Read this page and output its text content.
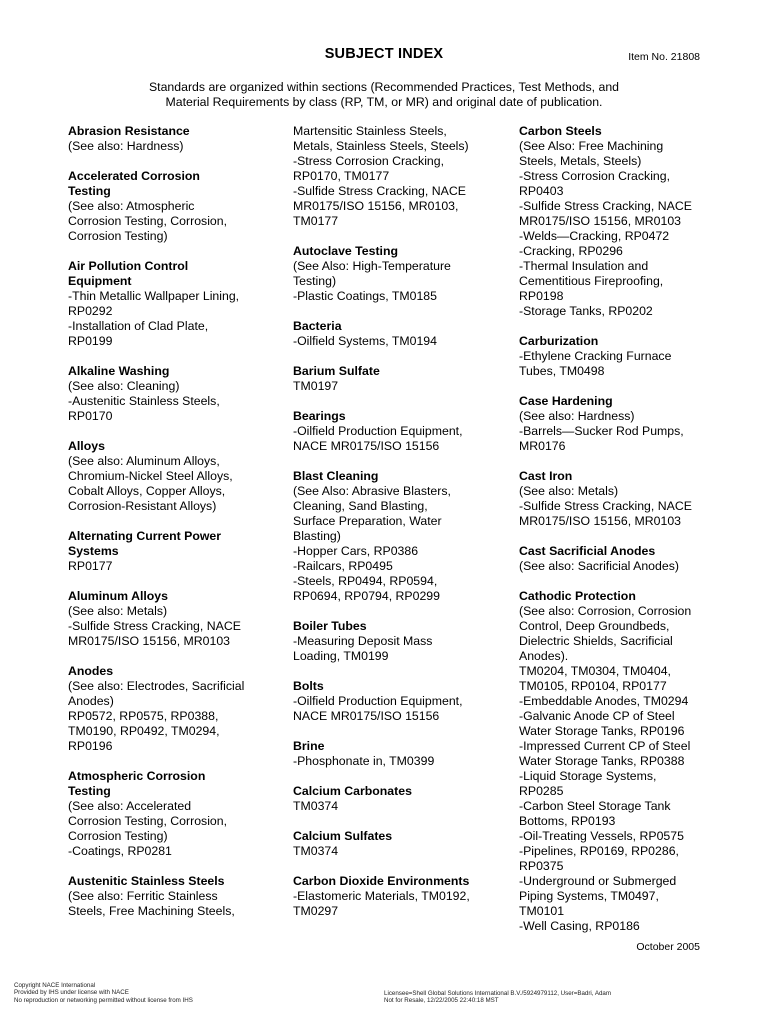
SUBJECT INDEX	Item No. 21808
Standards are organized within sections (Recommended Practices, Test Methods, and
Material Requirements by class (RP, TM, or MR) and original date of publication.
Abrasion Resistance
(See also: Hardness)
Accelerated Corrosion
Testing
(See also: Atmospheric
Corrosion Testing, Corrosion,
Corrosion Testing)
Air Pollution Control
Equipment
-Thin Metallic Wallpaper Lining,
RP0292
-Installation of Clad Plate,
RP0199
Alkaline Washing
(See also: Cleaning)
-Austenitic Stainless Steels,
RP0170
Alloys
(See also: Aluminum Alloys,
Chromium-Nickel Steel Alloys,
Cobalt Alloys, Copper Alloys,
Corrosion-Resistant Alloys)
Alternating Current Power
Systems
RP0177
Aluminum Alloys
(See also: Metals)
-Sulfide Stress Cracking, NACE
MR0175/ISO 15156, MR0103
Anodes
(See also: Electrodes, Sacrificial
Anodes)
RP0572, RP0575, RP0388,
TM0190, RP0492, TM0294,
RP0196
Atmospheric Corrosion
Testing
(See also: Accelerated
Corrosion Testing, Corrosion,
Corrosion Testing)
-Coatings, RP0281
Austenitic Stainless Steels
(See also: Ferritic Stainless
Steels, Free Machining Steels,
Martensitic Stainless Steels,
Metals, Stainless Steels, Steels)
-Stress Corrosion Cracking,
RP0170, TM0177
-Sulfide Stress Cracking, NACE
MR0175/ISO 15156, MR0103,
TM0177
Autoclave Testing
(See Also: High-Temperature
Testing)
-Plastic Coatings, TM0185
Bacteria
-Oilfield Systems, TM0194
Barium Sulfate
TM0197
Bearings
-Oilfield Production Equipment,
NACE MR0175/ISO 15156
Blast Cleaning
(See Also: Abrasive Blasters,
Cleaning, Sand Blasting,
Surface Preparation, Water
Blasting)
-Hopper Cars, RP0386
-Railcars, RP0495
-Steels, RP0494, RP0594,
RP0694, RP0794, RP0299
Boiler Tubes
-Measuring Deposit Mass
Loading, TM0199
Bolts
-Oilfield Production Equipment,
NACE MR0175/ISO 15156
Brine
-Phosphonate in, TM0399
Calcium Carbonates
TM0374
Calcium Sulfates
TM0374
Carbon Dioxide Environments
-Elastomeric Materials, TM0192,
TM0297
Carbon Steels
(See Also: Free Machining
Steels, Metals, Steels)
-Stress Corrosion Cracking,
RP0403
-Sulfide Stress Cracking, NACE
MR0175/ISO 15156, MR0103
-Welds—Cracking, RP0472
-Cracking, RP0296
-Thermal Insulation and
Cementitious Fireproofing,
RP0198
-Storage Tanks, RP0202
Carburization
-Ethylene Cracking Furnace
Tubes, TM0498
Case Hardening
(See also: Hardness)
-Barrels—Sucker Rod Pumps,
MR0176
Cast Iron
(See also: Metals)
-Sulfide Stress Cracking, NACE
MR0175/ISO 15156, MR0103
Cast Sacrificial Anodes
(See also: Sacrificial Anodes)
Cathodic Protection
(See also: Corrosion, Corrosion
Control, Deep Groundbeds,
Dielectric Shields, Sacrificial
Anodes).
TM0204, TM0304, TM0404,
TM0105, RP0104, RP0177
-Embeddable Anodes, TM0294
-Galvanic Anode CP of Steel
Water Storage Tanks, RP0196
-Impressed Current CP of Steel
Water Storage Tanks, RP0388
-Liquid Storage Systems,
RP0285
-Carbon Steel Storage Tank
Bottoms, RP0193
-Oil-Treating Vessels, RP0575
-Pipelines, RP0169, RP0286,
RP0375
-Underground or Submerged
Piping Systems, TM0497,
TM0101
-Well Casing, RP0186
October 2005
Copyright NACE International
Provided by IHS under license with NACE
No reproduction or networking permitted without license from IHS
Licensee=Shell Global Solutions International B.V./5924979112, User=Badri, Adam
Not for Resale, 12/22/2005 22:40:18 MST
